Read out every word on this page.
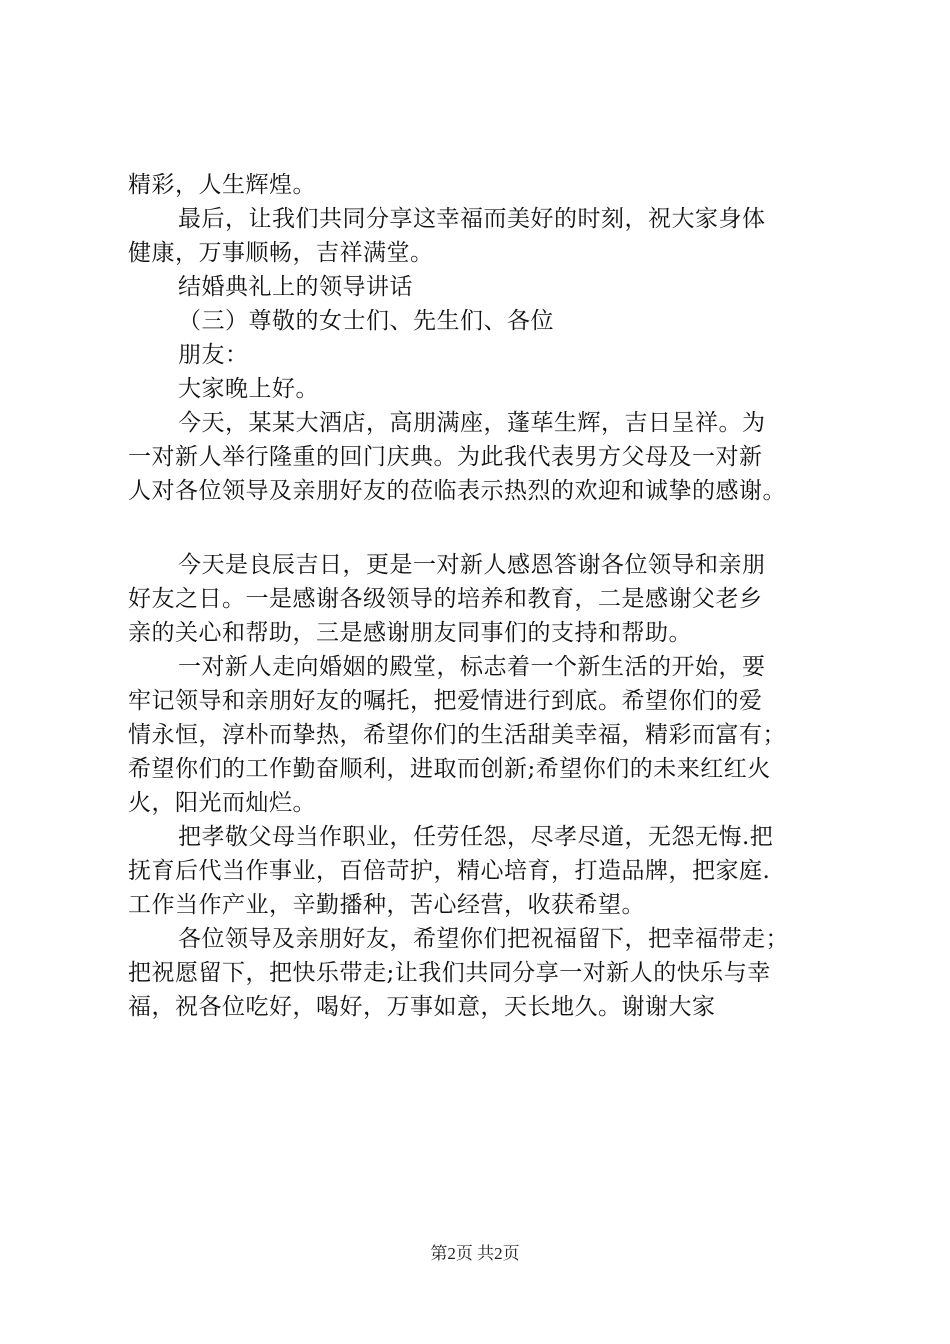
精彩，人生辉煌。
最后，让我们共同分享这幸福而美好的时刻，祝大家身体
健康，万事顺畅，吉祥满堂。
结婚典礼上的领导讲话
（三）尊敬的女士们、先生们、各位
朋友：
大家晚上好。
今天，某某大酒店，高朋满座，蓬荜生辉，吉日呈祥。为
一对新人举行隆重的回门庆典。为此我代表男方父母及一对新
人对各位领导及亲朋好友的莅临表示热烈的欢迎和诚挚的感谢。
今天是良辰吉日，更是一对新人感恩答谢各位领导和亲朋
好友之日。一是感谢各级领导的培养和教育，二是感谢父老乡
亲的关心和帮助，三是感谢朋友同事们的支持和帮助。
一对新人走向婚姻的殿堂，标志着一个新生活的开始，要
牢记领导和亲朋好友的嘱托，把爱情进行到底。希望你们的爱
情永恒，淳朴而挚热，希望你们的生活甜美幸福，精彩而富有；
希望你们的工作勤奋顺利，进取而创新;希望你们的未来红红火
火，阳光而灿烂。
把孝敬父母当作职业，任劳任怨，尽孝尽道，无怨无悔.把
抚育后代当作事业，百倍苛护，精心培育，打造品牌，把家庭.
工作当作产业，辛勤播种，苦心经营，收获希望。
各位领导及亲朋好友，希望你们把祝福留下，把幸福带走；
把祝愿留下，把快乐带走;让我们共同分享一对新人的快乐与幸
福，祝各位吃好，喝好，万事如意，天长地久。谢谢大家
第2页 共2页
